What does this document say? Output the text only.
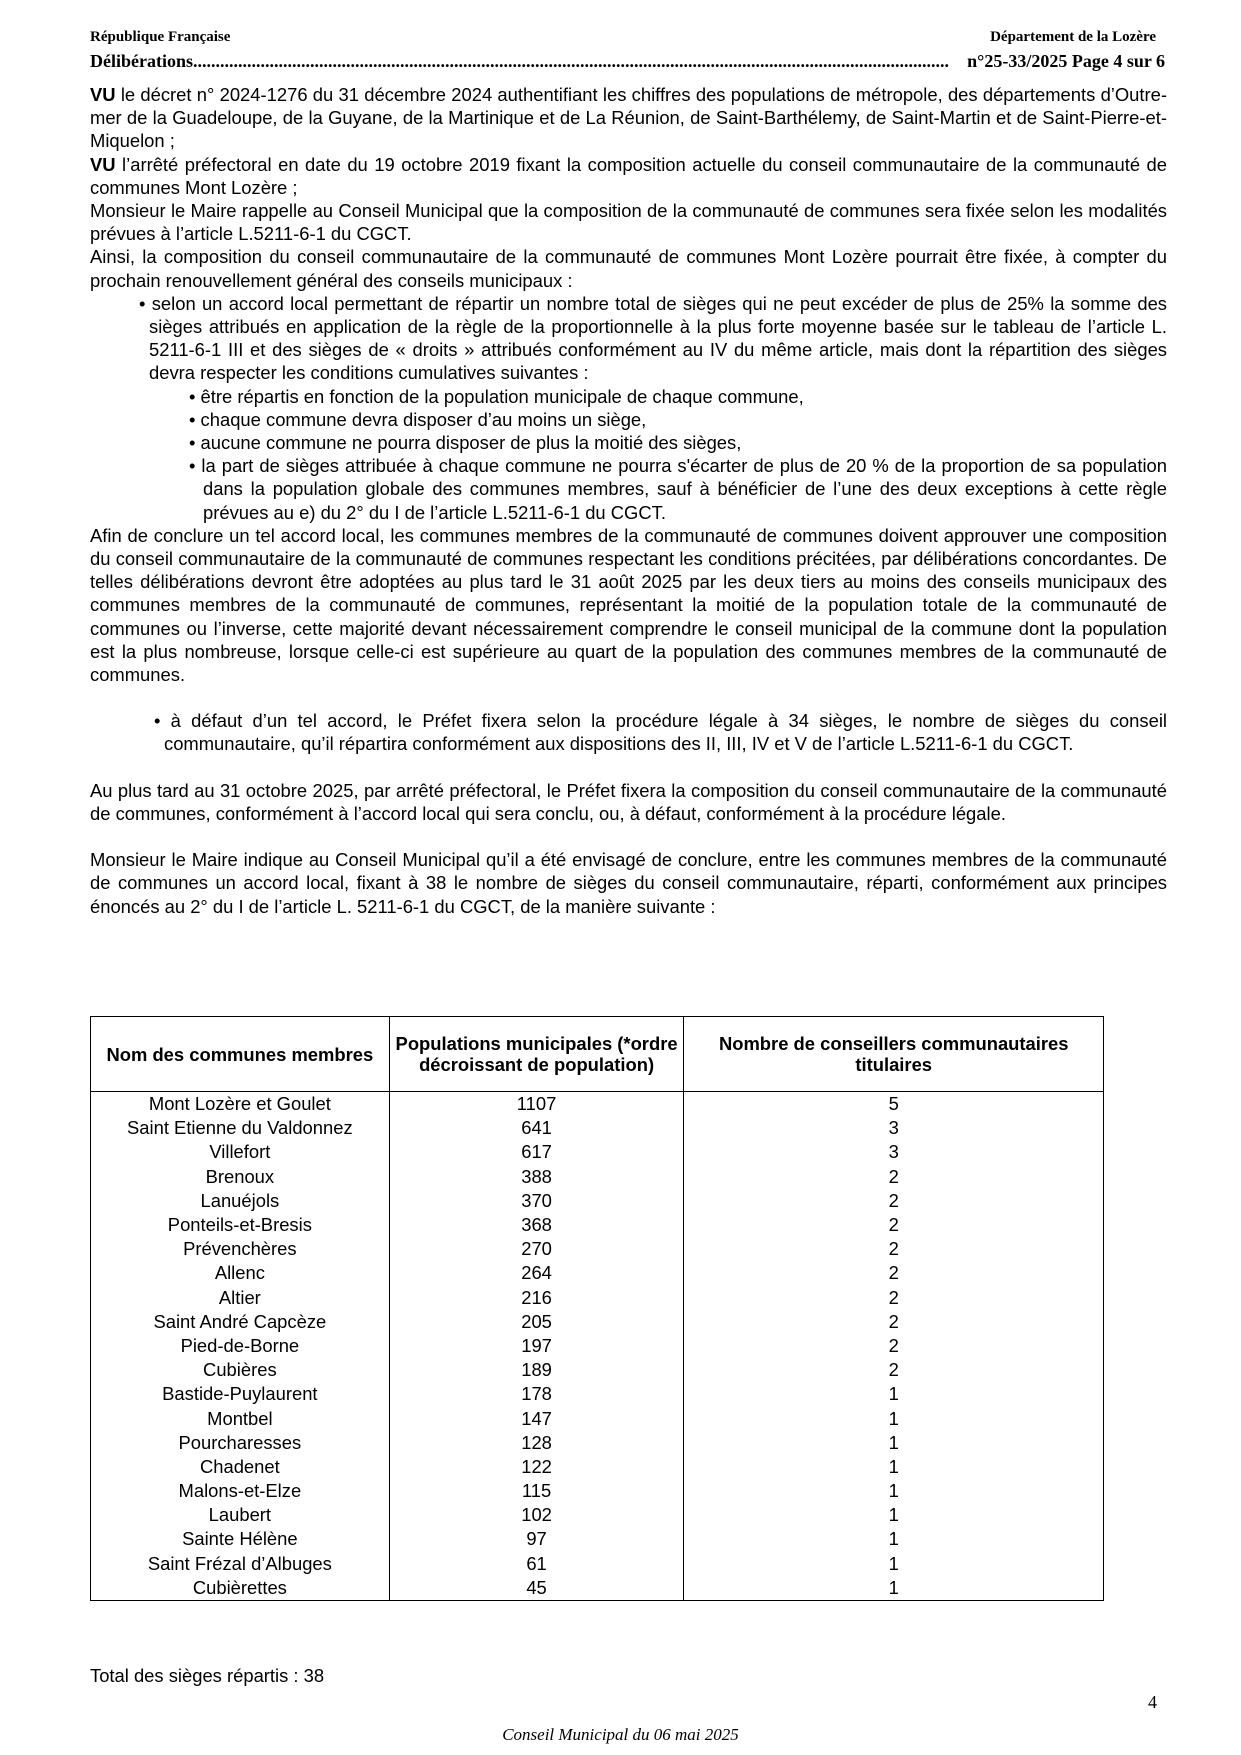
République Française	Département de la Lozère
Délibérations ........................................................................................................................................................................	n°25-33/2025 Page 4 sur 6

VU le décret n° 2024-1276 du 31 décembre 2024 authentifiant les chiffres des populations de métropole, des départements d’Outre-mer de la Guadeloupe, de la Guyane, de la Martinique et de La Réunion, de Saint-Barthélemy, de Saint-Martin et de Saint-Pierre-et-Miquelon ;

VU l’arrêté préfectoral en date du 19 octobre 2019 fixant la composition actuelle du conseil communautaire de la communauté de communes Mont Lozère ;

Monsieur le Maire rappelle au Conseil Municipal que la composition de la communauté de communes sera fixée selon les modalités prévues à l’article L.5211-6-1 du CGCT.

Ainsi, la composition du conseil communautaire de la communauté de communes Mont Lozère pourrait être fixée, à compter du prochain renouvellement général des conseils municipaux :

• selon un accord local permettant de répartir un nombre total de sièges qui ne peut excéder de plus de 25% la somme des sièges attribués en application de la règle de la proportionnelle à la plus forte moyenne basée sur le tableau de l’article L. 5211-6-1 III et des sièges de « droits » attribués conformément au IV du même article, mais dont la répartition des sièges devra respecter les conditions cumulatives suivantes :

• être répartis en fonction de la population municipale de chaque commune,

• chaque commune devra disposer d’au moins un siège,

• aucune commune ne pourra disposer de plus la moitié des sièges,

• la part de sièges attribuée à chaque commune ne pourra s'écarter de plus de 20 % de la proportion de sa population dans la population globale des communes membres, sauf à bénéficier de l’une des deux exceptions à cette règle prévues au e) du 2° du I de l’article L.5211-6-1 du CGCT.

Afin de conclure un tel accord local, les communes membres de la communauté de communes doivent approuver une composition du conseil communautaire de la communauté de communes respectant les conditions précitées, par délibérations concordantes. De telles délibérations devront être adoptées au plus tard le 31 août 2025 par les deux tiers au moins des conseils municipaux des communes membres de la communauté de communes, représentant la moitié de la population totale de la communauté de communes ou l’inverse, cette majorité devant nécessairement comprendre le conseil municipal de la commune dont la population est la plus nombreuse, lorsque celle-ci est supérieure au quart de la population des communes membres de la communauté de communes.

• à défaut d’un tel accord, le Préfet fixera selon la procédure légale à 34 sièges, le nombre de sièges du conseil communautaire, qu’il répartira conformément aux dispositions des II, III, IV et V de l’article L.5211-6-1 du CGCT.

Au plus tard au 31 octobre 2025, par arrêté préfectoral, le Préfet fixera la composition du conseil communautaire de la communauté de communes, conformément à l’accord local qui sera conclu, ou, à défaut, conformément à la procédure légale.

Monsieur le Maire indique au Conseil Municipal qu’il a été envisagé de conclure, entre les communes membres de la communauté de communes un accord local, fixant à 38 le nombre de sièges du conseil communautaire, réparti, conformément aux principes énoncés au 2° du I de l’article L. 5211-6-1 du CGCT, de la manière suivante :

Nom des communes membres	Populations municipales (*ordre décroissant de population)	Nombre de conseillers communautaires titulaires
Mont Lozère et Goulet	1107	5
Saint Etienne du Valdonnez	641	3
Villefort	617	3
Brenoux	388	2
Lanuéjols	370	2
Ponteils-et-Bresis	368	2
Prévenchères	270	2
Allenc	264	2
Altier	216	2
Saint André Capcèze	205	2
Pied-de-Borne	197	2
Cubières	189	2
Bastide-Puylaurent	178	1
Montbel	147	1
Pourcharesses	128	1
Chadenet	122	1
Malons-et-Elze	115	1
Laubert	102	1
Sainte Hélène	97	1
Saint Frézal d’Albuges	61	1
Cubièrettes	45	1
Total des sièges répartis : 38
4
Conseil Municipal du 06 mai 2025
